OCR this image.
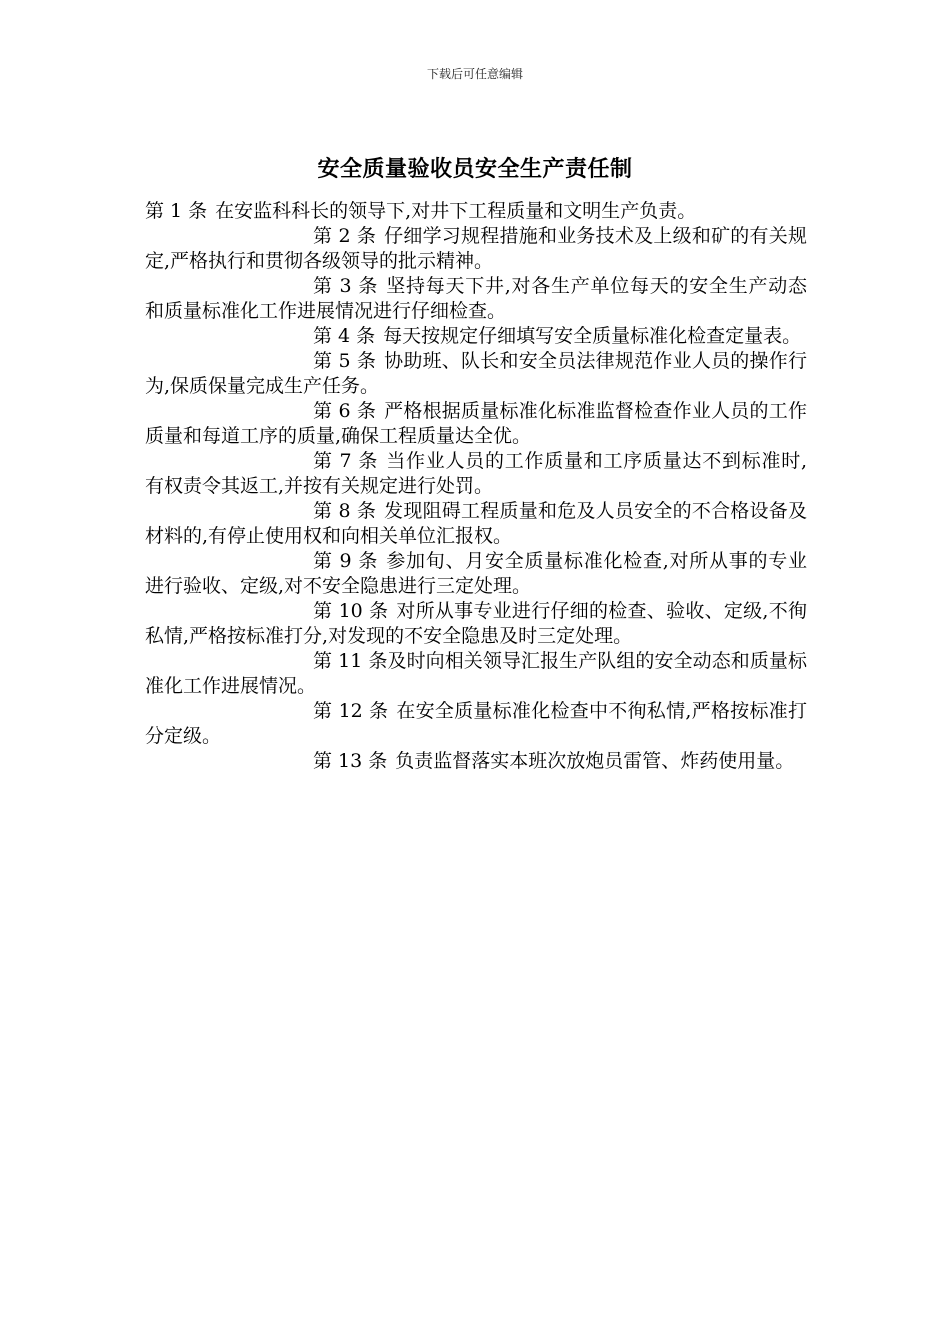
下载后可任意编辑
安全质量验收员安全生产责任制

第 1 条 在安监科科长的领导下,对井下工程质量和文明生产负责。

第 2 条 仔细学习规程措施和业务技术及上级和矿的有关规定,严格执行和贯彻各级领导的批示精神。

第 3 条 坚持每天下井,对各生产单位每天的安全生产动态和质量标准化工作进展情况进行仔细检查。

第 4 条 每天按规定仔细填写安全质量标准化检查定量表。

第 5 条 协助班、队长和安全员法律规范作业人员的操作行为,保质保量完成生产任务。

第 6 条 严格根据质量标准化标准监督检查作业人员的工作质量和每道工序的质量,确保工程质量达全优。

第 7 条 当作业人员的工作质量和工序质量达不到标准时,有权责令其返工,并按有关规定进行处罚。

第 8 条 发现阻碍工程质量和危及人员安全的不合格设备及材料的,有停止使用权和向相关单位汇报权。

第 9 条 参加旬、月安全质量标准化检查,对所从事的专业进行验收、定级,对不安全隐患进行三定处理。

第 10 条 对所从事专业进行仔细的检查、验收、定级,不徇私情,严格按标准打分,对发现的不安全隐患及时三定处理。

第 11 条及时向相关领导汇报生产队组的安全动态和质量标准化工作进展情况。

第 12 条 在安全质量标准化检查中不徇私情,严格按标准打分定级。

第 13 条 负责监督落实本班次放炮员雷管、炸药使用量。
